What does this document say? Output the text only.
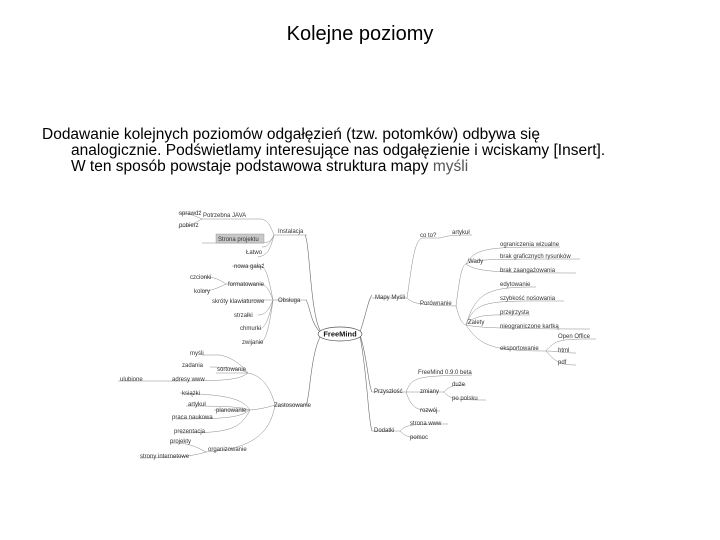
Kolejne poziomy
Dodawanie kolejnych poziomów odgałęzień (tzw. potomków) odbywa się
analogicznie. Podświetlamy interesujące nas odgałęzienie i wciskamy [Insert].
W ten sposób powstaje podstawowa struktura mapy myśli
FreeMind
Instalacja
sprawdź
pobierz
Potrzebna JAVA
Strona projektu
Łatwo
Obsługa
nowa gałąź
formatowanie
czcionki
kolory
skróty klawiaturowe
strzałki
chmurki
zwijanie
Zastosowanie
sortowanie
myśli
zadania
adresy www
ulubione
planowanie
książki
artykuł
praca naukowa
prezentacja
organizowanie
projekty
strony internetowe
Mapy Myśli
co to?	artykuł
Porównanie
Wady
ograniczenia wizualne
brak graficznych rysunków
brak zaangażowania
Zalety
edytowanie
szybkość nośowania
przejrzysta
nieograniczone kartką
eksportowanie
Open Office
html
pdf
Przyszłość
FreeMind 0.9.0 beta
zmiany
duże
po polsku
rozwój
Dodatki
strona www
pomoc
